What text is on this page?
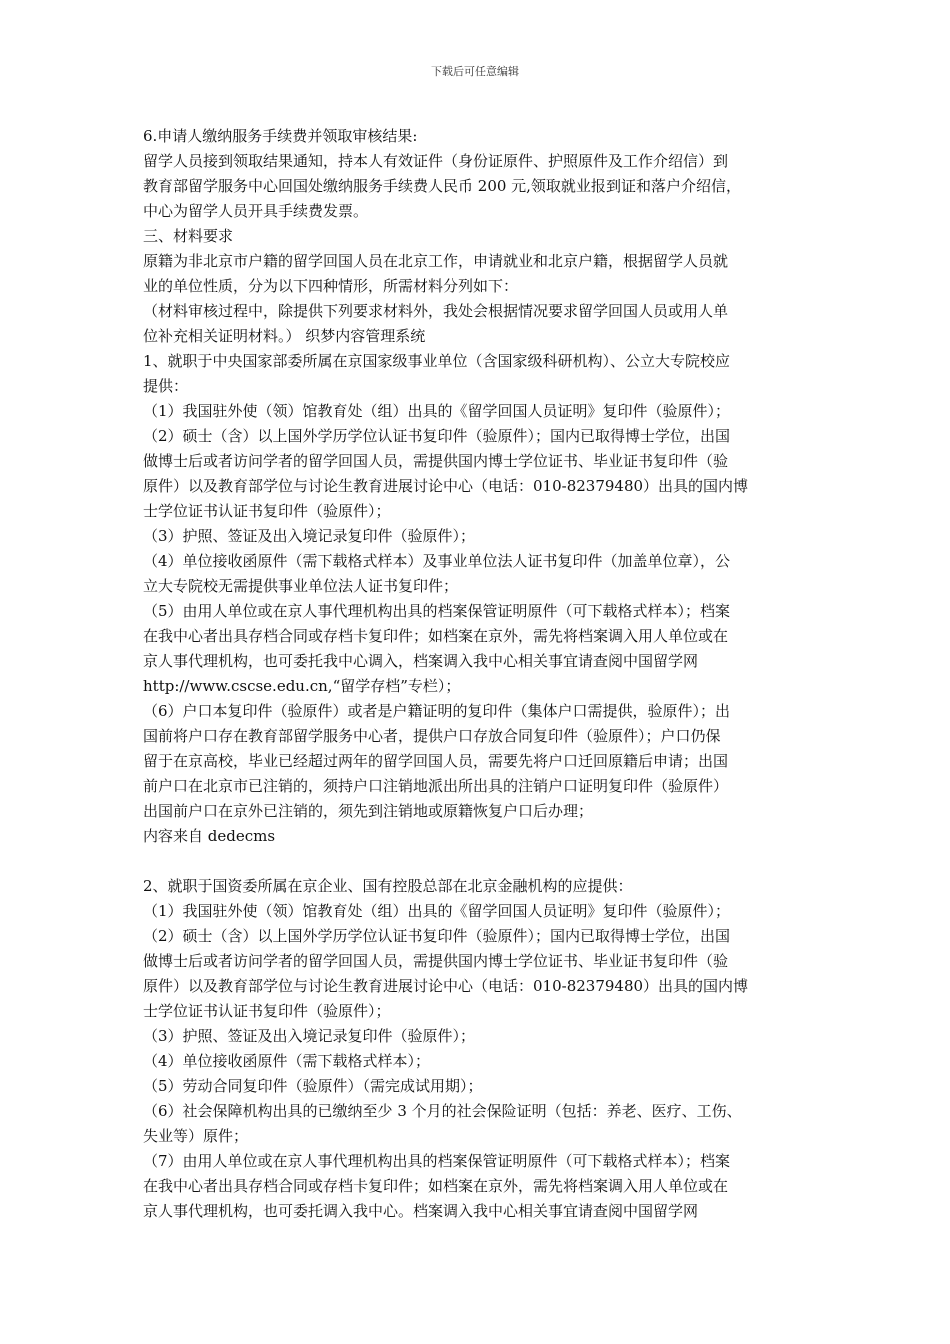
下载后可任意编辑
6.申请人缴纳服务手续费并领取审核结果:
留学人员接到领取结果通知，持本人有效证件（身份证原件、护照原件及工作介绍信）到
教育部留学服务中心回国处缴纳服务手续费人民币 200 元,领取就业报到证和落户介绍信，
中心为留学人员开具手续费发票。
三、材料要求
原籍为非北京市户籍的留学回国人员在北京工作，申请就业和北京户籍，根据留学人员就
业的单位性质，分为以下四种情形，所需材料分列如下：
（材料审核过程中，除提供下列要求材料外，我处会根据情况要求留学回国人员或用人单
位补充相关证明材料。） 织梦内容管理系统
1、就职于中央国家部委所属在京国家级事业单位（含国家级科研机构）、公立大专院校应
提供：
（1）我国驻外使（领）馆教育处（组）出具的《留学回国人员证明》复印件（验原件）；
（2）硕士（含）以上国外学历学位认证书复印件（验原件）；国内已取得博士学位，出国
做博士后或者访问学者的留学回国人员，需提供国内博士学位证书、毕业证书复印件（验
原件）以及教育部学位与讨论生教育进展讨论中心（电话：010-82379480）出具的国内博
士学位证书认证书复印件（验原件）；
（3）护照、签证及出入境记录复印件（验原件）；
（4）单位接收函原件（需下载格式样本）及事业单位法人证书复印件（加盖单位章），公
立大专院校无需提供事业单位法人证书复印件；
（5）由用人单位或在京人事代理机构出具的档案保管证明原件（可下载格式样本）；档案
在我中心者出具存档合同或存档卡复印件；如档案在京外，需先将档案调入用人单位或在
京人事代理机构，也可委托我中心调入，档案调入我中心相关事宜请查阅中国留学网
http://www.cscse.edu.cn,“留学存档”专栏）；
（6）户口本复印件（验原件）或者是户籍证明的复印件（集体户口需提供，验原件）；出
国前将户口存在教育部留学服务中心者，提供户口存放合同复印件（验原件）；户口仍保
留于在京高校，毕业已经超过两年的留学回国人员，需要先将户口迁回原籍后申请；出国
前户口在北京市已注销的，须持户口注销地派出所出具的注销户口证明复印件（验原件）
出国前户口在京外已注销的，须先到注销地或原籍恢复户口后办理；
内容来自 dedecms
2、就职于国资委所属在京企业、国有控股总部在北京金融机构的应提供：
（1）我国驻外使（领）馆教育处（组）出具的《留学回国人员证明》复印件（验原件）；
（2）硕士（含）以上国外学历学位认证书复印件（验原件）；国内已取得博士学位，出国
做博士后或者访问学者的留学回国人员，需提供国内博士学位证书、毕业证书复印件（验
原件）以及教育部学位与讨论生教育进展讨论中心（电话：010-82379480）出具的国内博
士学位证书认证书复印件（验原件）；
（3）护照、签证及出入境记录复印件（验原件）；
（4）单位接收函原件（需下载格式样本）；
（5）劳动合同复印件（验原件）（需完成试用期）；
（6）社会保障机构出具的已缴纳至少 3 个月的社会保险证明（包括：养老、医疗、工伤、
失业等）原件；
（7）由用人单位或在京人事代理机构出具的档案保管证明原件（可下载格式样本）；档案
在我中心者出具存档合同或存档卡复印件；如档案在京外，需先将档案调入用人单位或在
京人事代理机构，也可委托调入我中心。档案调入我中心相关事宜请查阅中国留学网
